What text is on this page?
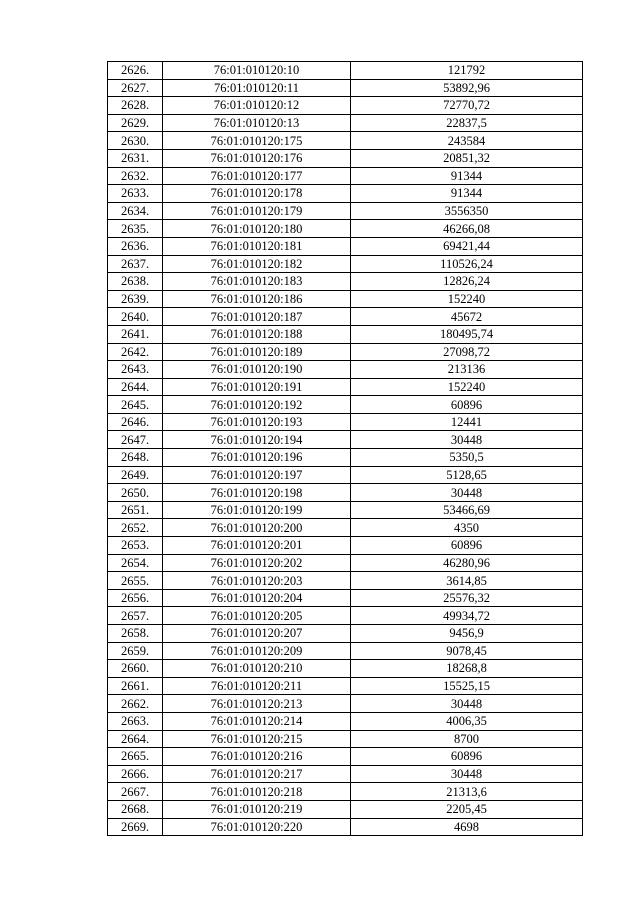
2626.	76:01:010120:10	121792
2627.	76:01:010120:11	53892,96
2628.	76:01:010120:12	72770,72
2629.	76:01:010120:13	22837,5
2630.	76:01:010120:175	243584
2631.	76:01:010120:176	20851,32
2632.	76:01:010120:177	91344
2633.	76:01:010120:178	91344
2634.	76:01:010120:179	3556350
2635.	76:01:010120:180	46266,08
2636.	76:01:010120:181	69421,44
2637.	76:01:010120:182	110526,24
2638.	76:01:010120:183	12826,24
2639.	76:01:010120:186	152240
2640.	76:01:010120:187	45672
2641.	76:01:010120:188	180495,74
2642.	76:01:010120:189	27098,72
2643.	76:01:010120:190	213136
2644.	76:01:010120:191	152240
2645.	76:01:010120:192	60896
2646.	76:01:010120:193	12441
2647.	76:01:010120:194	30448
2648.	76:01:010120:196	5350,5
2649.	76:01:010120:197	5128,65
2650.	76:01:010120:198	30448
2651.	76:01:010120:199	53466,69
2652.	76:01:010120:200	4350
2653.	76:01:010120:201	60896
2654.	76:01:010120:202	46280,96
2655.	76:01:010120:203	3614,85
2656.	76:01:010120:204	25576,32
2657.	76:01:010120:205	49934,72
2658.	76:01:010120:207	9456,9
2659.	76:01:010120:209	9078,45
2660.	76:01:010120:210	18268,8
2661.	76:01:010120:211	15525,15
2662.	76:01:010120:213	30448
2663.	76:01:010120:214	4006,35
2664.	76:01:010120:215	8700
2665.	76:01:010120:216	60896
2666.	76:01:010120:217	30448
2667.	76:01:010120:218	21313,6
2668.	76:01:010120:219	2205,45
2669.	76:01:010120:220	4698
